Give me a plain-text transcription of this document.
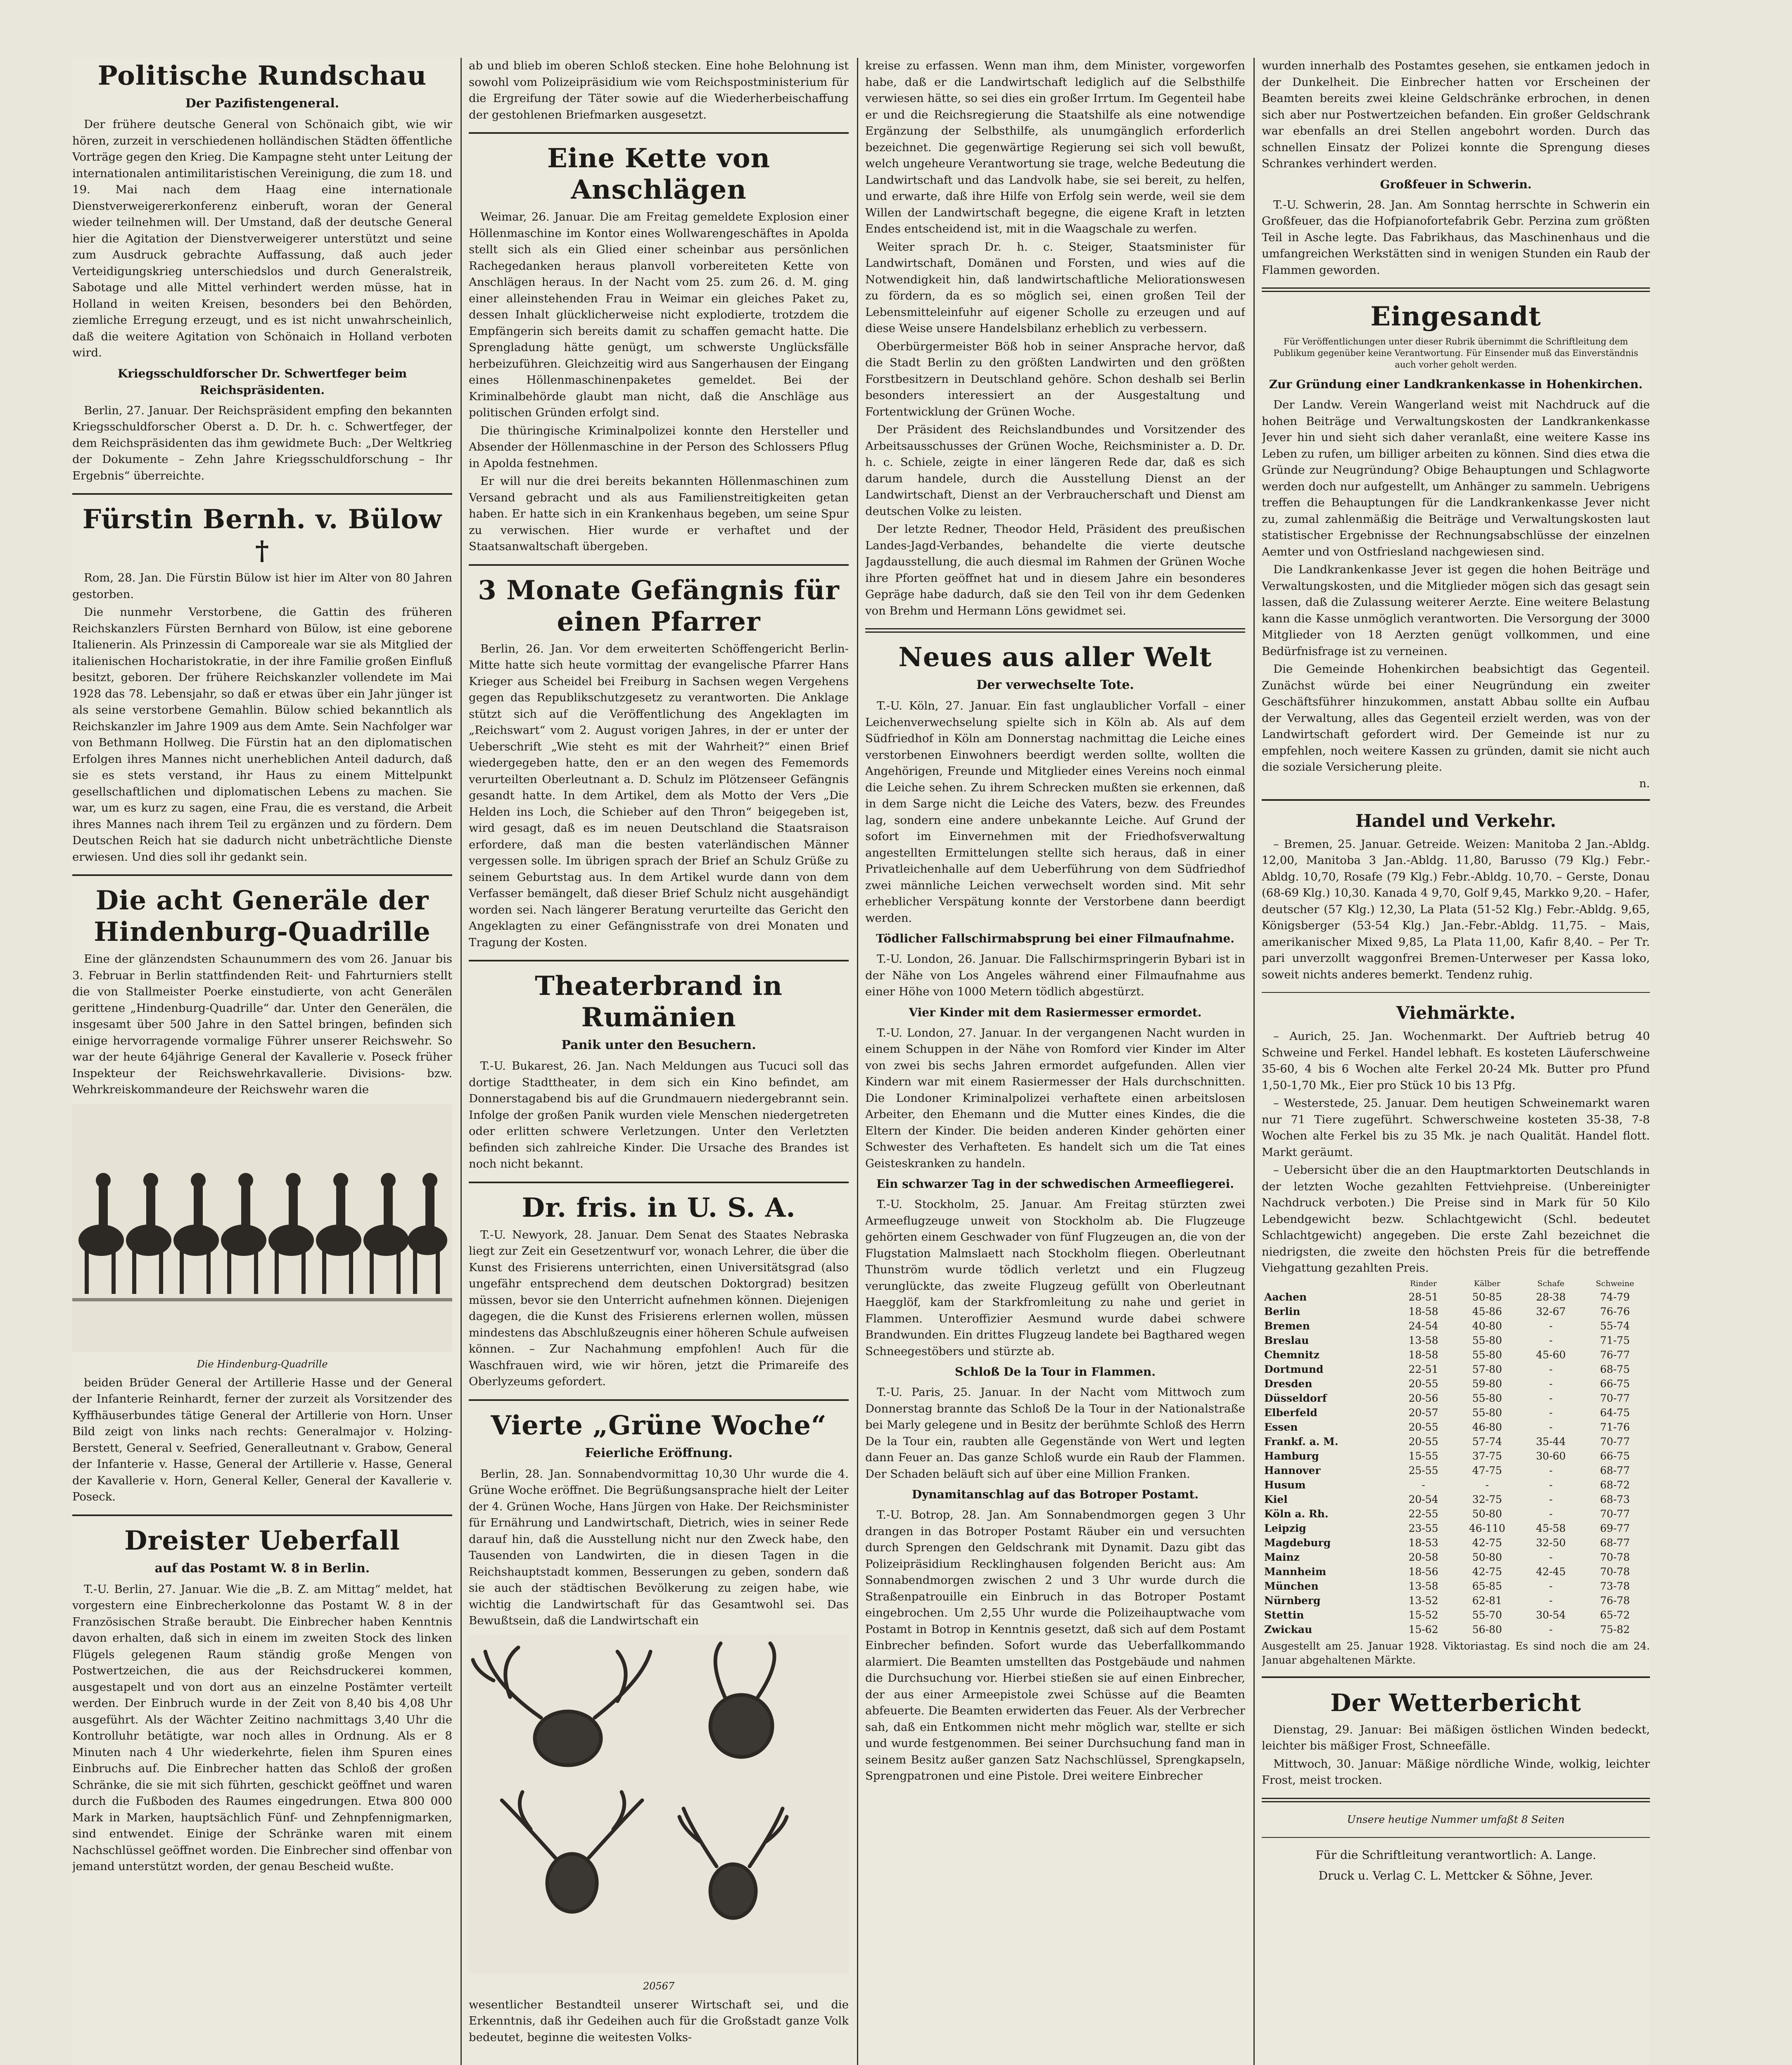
Politische Rundschau
Der Pazifistengeneral.

Der frühere deutsche General von Schönaich gibt, wie wir hören, zurzeit in verschiedenen holländischen Städten öffentliche Vorträge gegen den Krieg. Die Kampagne steht unter Leitung der internationalen antimilitaristischen Vereinigung, die zum 18. und 19. Mai nach dem Haag eine internationale Dienstverweigererkonferenz einberuft, woran der General wieder teilnehmen will. Der Umstand, daß der deutsche General hier die Agitation der Dienstverweigerer unterstützt und seine zum Ausdruck gebrachte Auffassung, daß auch jeder Verteidigungskrieg unterschiedslos und durch Generalstreik, Sabotage und alle Mittel verhindert werden müsse, hat in Holland in weiten Kreisen, besonders bei den Behörden, ziemliche Erregung erzeugt, und es ist nicht unwahrscheinlich, daß die weitere Agitation von Schönaich in Holland verboten wird.

Kriegsschuldforscher Dr. Schwertfeger beim Reichspräsidenten.

Berlin, 27. Januar. Der Reichspräsident empfing den bekannten Kriegsschuldforscher Oberst a. D. Dr. h. c. Schwertfeger, der dem Reichspräsidenten das ihm gewidmete Buch: „Der Weltkrieg der Dokumente – Zehn Jahre Kriegsschuldforschung – Ihr Ergebnis“ überreichte.

Fürstin Bernh. v. Bülow †

Rom, 28. Jan. Die Fürstin Bülow ist hier im Alter von 80 Jahren gestorben.

Die nunmehr Verstorbene, die Gattin des früheren Reichskanzlers Fürsten Bernhard von Bülow, ist eine geborene Italienerin. Als Prinzessin di Camporeale war sie als Mitglied der italienischen Hocharistokratie, in der ihre Familie großen Einfluß besitzt, geboren. Der frühere Reichskanzler vollendete im Mai 1928 das 78. Lebensjahr, so daß er etwas über ein Jahr jünger ist als seine verstorbene Gemahlin. Bülow schied bekanntlich als Reichskanzler im Jahre 1909 aus dem Amte. Sein Nachfolger war von Bethmann Hollweg. Die Fürstin hat an den diplomatischen Erfolgen ihres Mannes nicht unerheblichen Anteil dadurch, daß sie es stets verstand, ihr Haus zu einem Mittelpunkt gesellschaftlichen und diplomatischen Lebens zu machen. Sie war, um es kurz zu sagen, eine Frau, die es verstand, die Arbeit ihres Mannes nach ihrem Teil zu ergänzen und zu fördern. Dem Deutschen Reich hat sie dadurch nicht unbeträchtliche Dienste erwiesen. Und dies soll ihr gedankt sein.

Die acht Generäle der Hindenburg-Quadrille

Eine der glänzendsten Schaunummern des vom 26. Januar bis 3. Februar in Berlin stattfindenden Reit- und Fahrturniers stellt die von Stallmeister Poerke einstudierte, von acht Generälen gerittene „Hindenburg-Quadrille“ dar. Unter den Generälen, die insgesamt über 500 Jahre in den Sattel bringen, befinden sich einige hervorragende vormalige Führer unserer Reichswehr. So war der heute 64jährige General der Kavallerie v. Poseck früher Inspekteur der Reichswehrkavallerie. Divisions- bzw. Wehrkreiskommandeure der Reichswehr waren die

Die Hindenburg-Quadrille

beiden Brüder General der Artillerie Hasse und der General der Infanterie Reinhardt, ferner der zurzeit als Vorsitzender des Kyffhäuserbundes tätige General der Artillerie von Horn. Unser Bild zeigt von links nach rechts: Generalmajor v. Holzing-Berstett, General v. Seefried, Generalleutnant v. Grabow, General der Infanterie v. Hasse, General der Artillerie v. Hasse, General der Kavallerie v. Horn, General Keller, General der Kavallerie v. Poseck.

Dreister Ueberfall
auf das Postamt W. 8 in Berlin.

T.-U. Berlin, 27. Januar. Wie die „B. Z. am Mittag“ meldet, hat vorgestern eine Einbrecherkolonne das Postamt W. 8 in der Französischen Straße beraubt. Die Einbrecher haben Kenntnis davon erhalten, daß sich in einem im zweiten Stock des linken Flügels gelegenen Raum ständig große Mengen von Postwertzeichen, die aus der Reichsdruckerei kommen, ausgestapelt und von dort aus an einzelne Postämter verteilt werden. Der Einbruch wurde in der Zeit von 8,40 bis 4,08 Uhr ausgeführt. Als der Wächter Zeitino nachmittags 3,40 Uhr die Kontrolluhr betätigte, war noch alles in Ordnung. Als er 8 Minuten nach 4 Uhr wiederkehrte, fielen ihm Spuren eines Einbruchs auf. Die Einbrecher hatten das Schloß der großen Schränke, die sie mit sich führten, geschickt geöffnet und waren durch die Fußboden des Raumes eingedrungen. Etwa 800 000 Mark in Marken, hauptsächlich Fünf- und Zehnpfennigmarken, sind entwendet. Einige der Schränke waren mit einem Nachschlüssel geöffnet worden. Die Einbrecher sind offenbar von jemand unterstützt worden, der genau Bescheid wußte.

ab und blieb im oberen Schloß stecken. Eine hohe Belohnung ist sowohl vom Polizeipräsidium wie vom Reichspostministerium für die Ergreifung der Täter sowie auf die Wiederherbeischaffung der gestohlenen Briefmarken ausgesetzt.

Eine Kette von Anschlägen

Weimar, 26. Januar. Die am Freitag gemeldete Explosion einer Höllenmaschine im Kontor eines Wollwarengeschäftes in Apolda stellt sich als ein Glied einer scheinbar aus persönlichen Rachegedanken heraus planvoll vorbereiteten Kette von Anschlägen heraus. In der Nacht vom 25. zum 26. d. M. ging einer alleinstehenden Frau in Weimar ein gleiches Paket zu, dessen Inhalt glücklicherweise nicht explodierte, trotzdem die Empfängerin sich bereits damit zu schaffen gemacht hatte. Die Sprengladung hätte genügt, um schwerste Unglücksfälle herbeizuführen. Gleichzeitig wird aus Sangerhausen der Eingang eines Höllenmaschinenpaketes gemeldet. Bei der Kriminalbehörde glaubt man nicht, daß die Anschläge aus politischen Gründen erfolgt sind.

Die thüringische Kriminalpolizei konnte den Hersteller und Absender der Höllenmaschine in der Person des Schlossers Pflug in Apolda festnehmen.

Er will nur die drei bereits bekannten Höllenmaschinen zum Versand gebracht und als aus Familienstreitigkeiten getan haben. Er hatte sich in ein Krankenhaus begeben, um seine Spur zu verwischen. Hier wurde er verhaftet und der Staatsanwaltschaft übergeben.

3 Monate Gefängnis für einen Pfarrer

Berlin, 26. Jan. Vor dem erweiterten Schöffengericht Berlin-Mitte hatte sich heute vormittag der evangelische Pfarrer Hans Krieger aus Scheidel bei Freiburg in Sachsen wegen Vergehens gegen das Republikschutzgesetz zu verantworten. Die Anklage stützt sich auf die Veröffentlichung des Angeklagten im „Reichswart“ vom 2. August vorigen Jahres, in der er unter der Ueberschrift „Wie steht es mit der Wahrheit?“ einen Brief wiedergegeben hatte, den er an den wegen des Fememords verurteilten Oberleutnant a. D. Schulz im Plötzenseer Gefängnis gesandt hatte. In dem Artikel, dem als Motto der Vers „Die Helden ins Loch, die Schieber auf den Thron“ beigegeben ist, wird gesagt, daß es im neuen Deutschland die Staatsraison erfordere, daß man die besten vaterländischen Männer vergessen solle. Im übrigen sprach der Brief an Schulz Grüße zu seinem Geburtstag aus. In dem Artikel wurde dann von dem Verfasser bemängelt, daß dieser Brief Schulz nicht ausgehändigt worden sei. Nach längerer Beratung verurteilte das Gericht den Angeklagten zu einer Gefängnisstrafe von drei Monaten und Tragung der Kosten.

Theaterbrand in Rumänien
Panik unter den Besuchern.

T.-U. Bukarest, 26. Jan. Nach Meldungen aus Tucuci soll das dortige Stadttheater, in dem sich ein Kino befindet, am Donnerstagabend bis auf die Grundmauern niedergebrannt sein. Infolge der großen Panik wurden viele Menschen niedergetreten oder erlitten schwere Verletzungen. Unter den Verletzten befinden sich zahlreiche Kinder. Die Ursache des Brandes ist noch nicht bekannt.

Dr. fris. in U. S. A.

T.-U. Newyork, 28. Januar. Dem Senat des Staates Nebraska liegt zur Zeit ein Gesetzentwurf vor, wonach Lehrer, die über die Kunst des Frisierens unterrichten, einen Universitätsgrad (also ungefähr entsprechend dem deutschen Doktorgrad) besitzen müssen, bevor sie den Unterricht aufnehmen können. Diejenigen dagegen, die die Kunst des Frisierens erlernen wollen, müssen mindestens das Abschlußzeugnis einer höheren Schule aufweisen können. – Zur Nachahmung empfohlen! Auch für die Waschfrauen wird, wie wir hören, jetzt die Primareife des Oberlyzeums gefordert.

Vierte „Grüne Woche“
Feierliche Eröffnung.

Berlin, 28. Jan. Sonnabendvormittag 10,30 Uhr wurde die 4. Grüne Woche eröffnet. Die Begrüßungsansprache hielt der Leiter der 4. Grünen Woche, Hans Jürgen von Hake. Der Reichsminister für Ernährung und Landwirtschaft, Dietrich, wies in seiner Rede darauf hin, daß die Ausstellung nicht nur den Zweck habe, den Tausenden von Landwirten, die in diesen Tagen in die Reichshauptstadt kommen, Besserungen zu geben, sondern daß sie auch der städtischen Bevölkerung zu zeigen habe, wie wichtig die Landwirtschaft für das Gesamtwohl sei. Das Bewußtsein, daß die Landwirtschaft ein

20567

wesentlicher Bestandteil unserer Wirtschaft sei, und die Erkenntnis, daß ihr Gedeihen auch für die Großstadt ganze Volk bedeutet, beginne die weitesten Volks-

kreise zu erfassen. Wenn man ihm, dem Minister, vorgeworfen habe, daß er die Landwirtschaft lediglich auf die Selbsthilfe verwiesen hätte, so sei dies ein großer Irrtum. Im Gegenteil habe er und die Reichsregierung die Staatshilfe als eine notwendige Ergänzung der Selbsthilfe, als unumgänglich erforderlich bezeichnet. Die gegenwärtige Regierung sei sich voll bewußt, welch ungeheure Verantwortung sie trage, welche Bedeutung die Landwirtschaft und das Landvolk habe, sie sei bereit, zu helfen, und erwarte, daß ihre Hilfe von Erfolg sein werde, weil sie dem Willen der Landwirtschaft begegne, die eigene Kraft in letzten Endes entscheidend ist, mit in die Waagschale zu werfen.

Weiter sprach Dr. h. c. Steiger, Staatsminister für Landwirtschaft, Domänen und Forsten, und wies auf die Notwendigkeit hin, daß landwirtschaftliche Meliorationswesen zu fördern, da es so möglich sei, einen großen Teil der Lebensmitteleinfuhr auf eigener Scholle zu erzeugen und auf diese Weise unsere Handelsbilanz erheblich zu verbessern.

Oberbürgermeister Böß hob in seiner Ansprache hervor, daß die Stadt Berlin zu den größten Landwirten und den größten Forstbesitzern in Deutschland gehöre. Schon deshalb sei Berlin besonders interessiert an der Ausgestaltung und Fortentwicklung der Grünen Woche.

Der Präsident des Reichslandbundes und Vorsitzender des Arbeitsausschusses der Grünen Woche, Reichsminister a. D. Dr. h. c. Schiele, zeigte in einer längeren Rede dar, daß es sich darum handele, durch die Ausstellung Dienst an der Landwirtschaft, Dienst an der Verbraucherschaft und Dienst am deutschen Volke zu leisten.

Der letzte Redner, Theodor Held, Präsident des preußischen Landes-Jagd-Verbandes, behandelte die vierte deutsche Jagdausstellung, die auch diesmal im Rahmen der Grünen Woche ihre Pforten geöffnet hat und in diesem Jahre ein besonderes Gepräge habe dadurch, daß sie den Teil von ihr dem Gedenken von Brehm und Hermann Löns gewidmet sei.

Neues aus aller Welt
Der verwechselte Tote.

T.-U. Köln, 27. Januar. Ein fast unglaublicher Vorfall – einer Leichenverwechselung spielte sich in Köln ab. Als auf dem Südfriedhof in Köln am Donnerstag nachmittag die Leiche eines verstorbenen Einwohners beerdigt werden sollte, wollten die Angehörigen, Freunde und Mitglieder eines Vereins noch einmal die Leiche sehen. Zu ihrem Schrecken mußten sie erkennen, daß in dem Sarge nicht die Leiche des Vaters, bezw. des Freundes lag, sondern eine andere unbekannte Leiche. Auf Grund der sofort im Einvernehmen mit der Friedhofsverwaltung angestellten Ermittelungen stellte sich heraus, daß in einer Privatleichenhalle auf dem Ueberführung von dem Südfriedhof zwei männliche Leichen verwechselt worden sind. Mit sehr erheblicher Verspätung konnte der Verstorbene dann beerdigt werden.

Tödlicher Fallschirmabsprung bei einer Filmaufnahme.

T.-U. London, 26. Januar. Die Fallschirmspringerin Bybari ist in der Nähe von Los Angeles während einer Filmaufnahme aus einer Höhe von 1000 Metern tödlich abgestürzt.

Vier Kinder mit dem Rasiermesser ermordet.

T.-U. London, 27. Januar. In der vergangenen Nacht wurden in einem Schuppen in der Nähe von Romford vier Kinder im Alter von zwei bis sechs Jahren ermordet aufgefunden. Allen vier Kindern war mit einem Rasiermesser der Hals durchschnitten. Die Londoner Kriminalpolizei verhaftete einen arbeitslosen Arbeiter, den Ehemann und die Mutter eines Kindes, die die Eltern der Kinder. Die beiden anderen Kinder gehörten einer Schwester des Verhafteten. Es handelt sich um die Tat eines Geisteskranken zu handeln.

Ein schwarzer Tag in der schwedischen Armeefliegerei.

T.-U. Stockholm, 25. Januar. Am Freitag stürzten zwei Armeeflugzeuge unweit von Stockholm ab. Die Flugzeuge gehörten einem Geschwader von fünf Flugzeugen an, die von der Flugstation Malmslaett nach Stockholm fliegen. Oberleutnant Thunström wurde tödlich verletzt und ein Flugzeug verunglückte, das zweite Flugzeug gefüllt von Oberleutnant Haegglöf, kam der Starkfromleitung zu nahe und geriet in Flammen. Unteroffizier Aesmund wurde dabei schwere Brandwunden. Ein drittes Flugzeug landete bei Bagthared wegen Schneegestöbers und stürzte ab.

Schloß De la Tour in Flammen.

T.-U. Paris, 25. Januar. In der Nacht vom Mittwoch zum Donnerstag brannte das Schloß De la Tour in der Nationalstraße bei Marly gelegene und in Besitz der berühmte Schloß des Herrn De la Tour ein, raubten alle Gegenstände von Wert und legten dann Feuer an. Das ganze Schloß wurde ein Raub der Flammen. Der Schaden beläuft sich auf über eine Million Franken.

Dynamitanschlag auf das Botroper Postamt.

T.-U. Botrop, 28. Jan. Am Sonnabendmorgen gegen 3 Uhr drangen in das Botroper Postamt Räuber ein und versuchten durch Sprengen den Geldschrank mit Dynamit. Dazu gibt das Polizeipräsidium Recklinghausen folgenden Bericht aus: Am Sonnabendmorgen zwischen 2 und 3 Uhr wurde durch die Straßenpatrouille ein Einbruch in das Botroper Postamt eingebrochen. Um 2,55 Uhr wurde die Polizeihauptwache vom Postamt in Botrop in Kenntnis gesetzt, daß sich auf dem Postamt Einbrecher befinden. Sofort wurde das Ueberfallkommando alarmiert. Die Beamten umstellten das Postgebäude und nahmen die Durchsuchung vor. Hierbei stießen sie auf einen Einbrecher, der aus einer Armeepistole zwei Schüsse auf die Beamten abfeuerte. Die Beamten erwiderten das Feuer. Als der Verbrecher sah, daß ein Entkommen nicht mehr möglich war, stellte er sich und wurde festgenommen. Bei seiner Durchsuchung fand man in seinem Besitz außer ganzen Satz Nachschlüssel, Sprengkapseln, Sprengpatronen und eine Pistole. Drei weitere Einbrecher

wurden innerhalb des Postamtes gesehen, sie entkamen jedoch in der Dunkelheit. Die Einbrecher hatten vor Erscheinen der Beamten bereits zwei kleine Geldschränke erbrochen, in denen sich aber nur Postwertzeichen befanden. Ein großer Geldschrank war ebenfalls an drei Stellen angebohrt worden. Durch das schnellen Einsatz der Polizei konnte die Sprengung dieses Schrankes verhindert werden.

Großfeuer in Schwerin.

T.-U. Schwerin, 28. Jan. Am Sonntag herrschte in Schwerin ein Großfeuer, das die Hofpianofortefabrik Gebr. Perzina zum größten Teil in Asche legte. Das Fabrikhaus, das Maschinenhaus und die umfangreichen Werkstätten sind in wenigen Stunden ein Raub der Flammen geworden.

Eingesandt
Für Veröffentlichungen unter dieser Rubrik übernimmt die Schriftleitung dem Publikum gegenüber keine Verantwortung. Für Einsender muß das Einverständnis auch vorher geholt werden.
Zur Gründung einer Landkrankenkasse in Hohenkirchen.

Der Landw. Verein Wangerland weist mit Nachdruck auf die hohen Beiträge und Verwaltungskosten der Landkrankenkasse Jever hin und sieht sich daher veranlaßt, eine weitere Kasse ins Leben zu rufen, um billiger arbeiten zu können. Sind dies etwa die Gründe zur Neugründung? Obige Behauptungen und Schlagworte werden doch nur aufgestellt, um Anhänger zu sammeln. Uebrigens treffen die Behauptungen für die Landkrankenkasse Jever nicht zu, zumal zahlenmäßig die Beiträge und Verwaltungskosten laut statistischer Ergebnisse der Rechnungsabschlüsse der einzelnen Aemter und von Ostfriesland nachgewiesen sind.

Die Landkrankenkasse Jever ist gegen die hohen Beiträge und Verwaltungskosten, und die Mitglieder mögen sich das gesagt sein lassen, daß die Zulassung weiterer Aerzte. Eine weitere Belastung kann die Kasse unmöglich verantworten. Die Versorgung der 3000 Mitglieder von 18 Aerzten genügt vollkommen, und eine Bedürfnisfrage ist zu verneinen.

Die Gemeinde Hohenkirchen beabsichtigt das Gegenteil. Zunächst würde bei einer Neugründung ein zweiter Geschäftsführer hinzukommen, anstatt Abbau sollte ein Aufbau der Verwaltung, alles das Gegenteil erzielt werden, was von der Landwirtschaft gefordert wird. Der Gemeinde ist nur zu empfehlen, noch weitere Kassen zu gründen, damit sie nicht auch die soziale Versicherung pleite.

n.
Handel und Verkehr.

– Bremen, 25. Januar. Getreide. Weizen: Manitoba 2 Jan.-Abldg. 12,00, Manitoba 3 Jan.-Abldg. 11,80, Barusso (79 Klg.) Febr.-Abldg. 10,70, Rosafe (79 Klg.) Febr.-Abldg. 10,70. – Gerste, Donau (68-69 Klg.) 10,30. Kanada 4 9,70, Golf 9,45, Markko 9,20. – Hafer, deutscher (57 Klg.) 12,30, La Plata (51-52 Klg.) Febr.-Abldg. 9,65, Königsberger (53-54 Klg.) Jan.-Febr.-Abldg. 11,75. – Mais, amerikanischer Mixed 9,85, La Plata 11,00, Kafir 8,40. – Per Tr. pari unverzollt waggonfrei Bremen-Unterweser per Kassa loko, soweit nichts anderes bemerkt. Tendenz ruhig.

Viehmärkte.

– Aurich, 25. Jan. Wochenmarkt. Der Auftrieb betrug 40 Schweine und Ferkel. Handel lebhaft. Es kosteten Läuferschweine 35-60, 4 bis 6 Wochen alte Ferkel 20-24 Mk. Butter pro Pfund 1,50-1,70 Mk., Eier pro Stück 10 bis 13 Pfg.

– Westerstede, 25. Januar. Dem heutigen Schweinemarkt waren nur 71 Tiere zugeführt. Schwerschweine kosteten 35-38, 7-8 Wochen alte Ferkel bis zu 35 Mk. je nach Qualität. Handel flott. Markt geräumt.

– Uebersicht über die an den Hauptmarktorten Deutschlands in der letzten Woche gezahlten Fettviehpreise. (Unbereinigter Nachdruck verboten.) Die Preise sind in Mark für 50 Kilo Lebendgewicht bezw. Schlachtgewicht (Schl. bedeutet Schlachtgewicht) angegeben. Die erste Zahl bezeichnet die niedrigsten, die zweite den höchsten Preis für die betreffende Viehgattung gezahlten Preis.

	Rinder	Kälber	Schafe	Schweine
Aachen	28-51	50-85	28-38	74-79
Berlin	18-58	45-86	32-67	76-76
Bremen	24-54	40-80	-	55-74
Breslau	13-58	55-80	-	71-75
Chemnitz	18-58	55-80	45-60	76-77
Dortmund	22-51	57-80	-	68-75
Dresden	20-55	59-80	-	66-75
Düsseldorf	20-56	55-80	-	70-77
Elberfeld	20-57	55-80	-	64-75
Essen	20-55	46-80	-	71-76
Frankf. a. M.	20-55	57-74	35-44	70-77
Hamburg	15-55	37-75	30-60	66-75
Hannover	25-55	47-75	-	68-77
Husum	-	-	-	68-72
Kiel	20-54	32-75	-	68-73
Köln a. Rh.	22-55	50-80	-	70-77
Leipzig	23-55	46-110	45-58	69-77
Magdeburg	18-53	42-75	32-50	68-77
Mainz	20-58	50-80	-	70-78
Mannheim	18-56	42-75	42-45	70-78
München	13-58	65-85	-	73-78
Nürnberg	13-52	62-81	-	76-78
Stettin	15-52	55-70	30-54	65-72
Zwickau	15-62	56-80	-	75-82

Ausgestellt am 25. Januar 1928. Viktoriastag. Es sind noch die am 24. Januar abgehaltenen Märkte.

Der Wetterbericht

Dienstag, 29. Januar: Bei mäßigen östlichen Winden bedeckt, leichter bis mäßiger Frost, Schneefälle.

Mittwoch, 30. Januar: Mäßige nördliche Winde, wolkig, leichter Frost, meist trocken.

Unsere heutige Nummer umfaßt 8 Seiten
Für die Schriftleitung verantwortlich: A. Lange.
Druck u. Verlag C. L. Mettcker & Söhne, Jever.
